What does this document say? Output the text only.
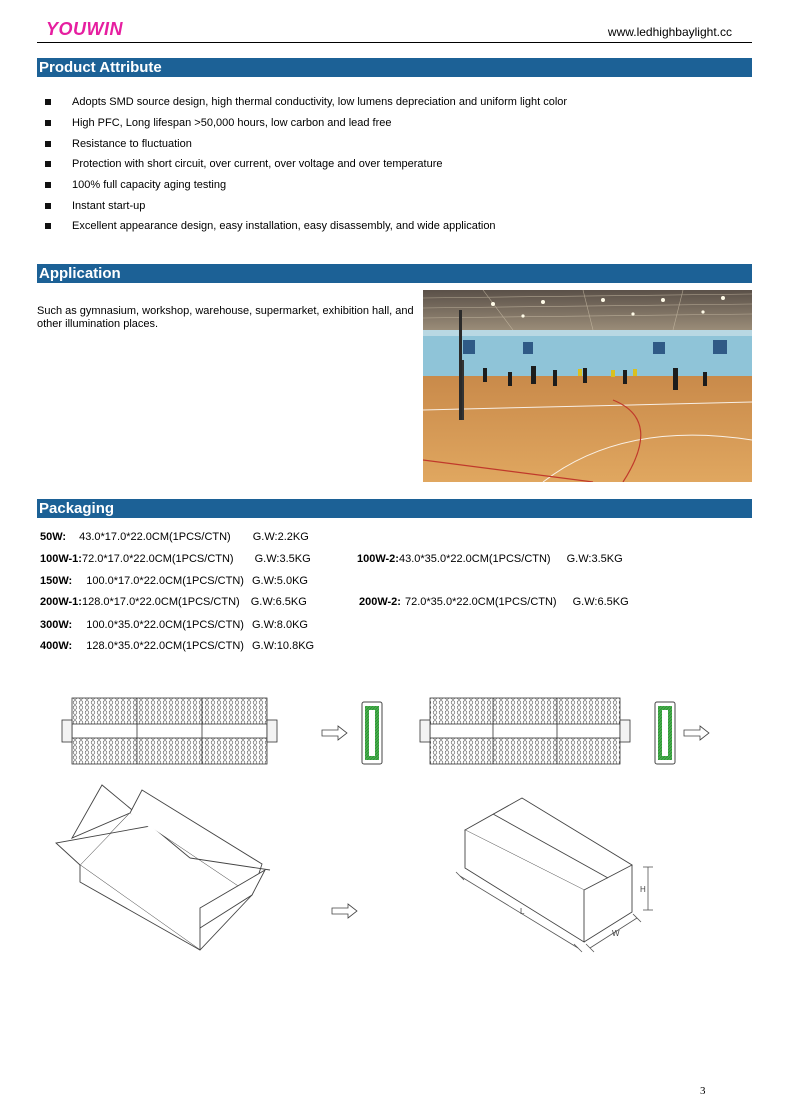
YOUWIN	www.ledhighbaylight.cc
Product Attribute
Adopts SMD source design, high thermal conductivity, low lumens depreciation and uniform light color
High PFC, Long lifespan >50,000 hours, low carbon and lead free
Resistance to fluctuation
Protection with short circuit, over current, over voltage and over temperature
100% full capacity aging testing
Instant start-up
Excellent appearance design, easy installation, easy disassembly, and wide application
Application
Such as gymnasium, workshop, warehouse, supermarket, exhibition hall, and other illumination places.
Packaging
50W: 43.0*17.0*22.0CM(1PCS/CTN) G.W:2.2KG
100W-1:72.0*17.0*22.0CM(1PCS/CTN) G.W:3.5KG	100W-2:43.0*35.0*22.0CM(1PCS/CTN) G.W:3.5KG
150W: 100.0*17.0*22.0CM(1PCS/CTN) G.W:5.0KG
200W-1:128.0*17.0*22.0CM(1PCS/CTN) G.W:6.5KG	200W-2: 72.0*35.0*22.0CM(1PCS/CTN) G.W:6.5KG
300W: 100.0*35.0*22.0CM(1PCS/CTN) G.W:8.0KG
400W: 128.0*35.0*22.0CM(1PCS/CTN) G.W:10.8KG
L
W
H
3
